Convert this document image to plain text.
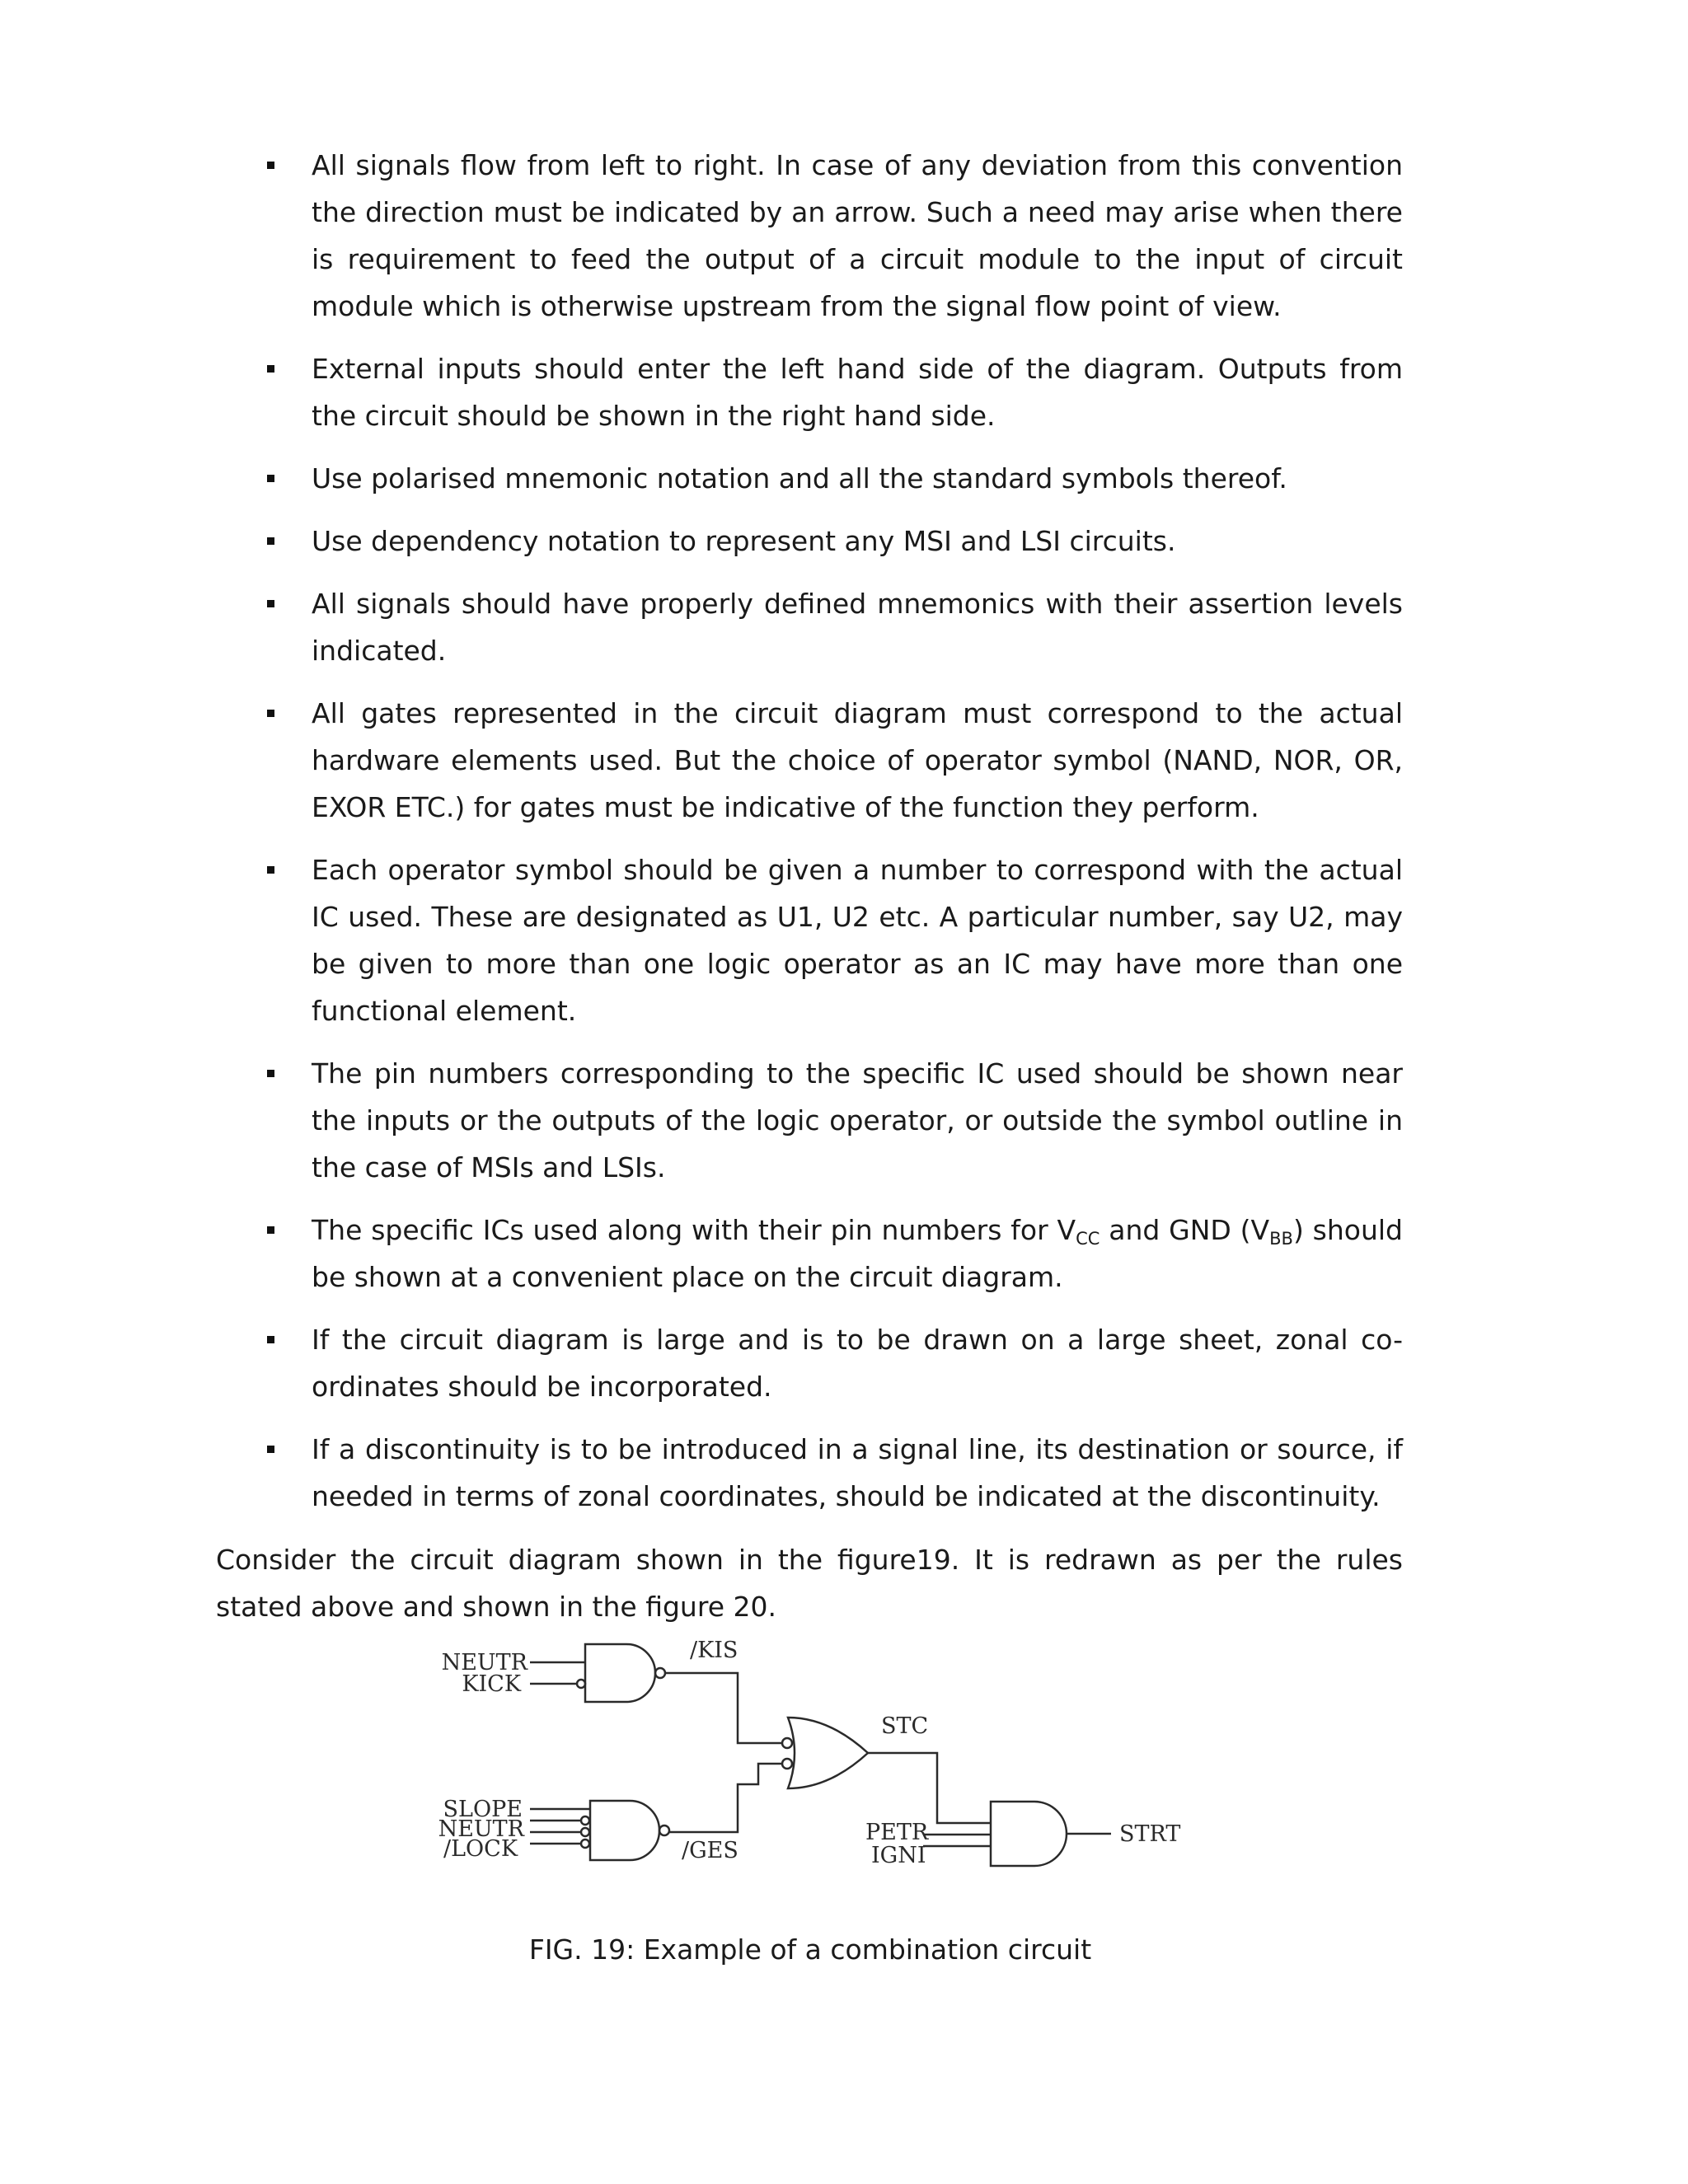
All signals flow from left to right. In case of any deviation from this convention the direction must be indicated by an arrow. Such a need may arise when there is requirement to feed the output of a circuit module to the input of circuit module which is otherwise upstream from the signal flow point of view.
External inputs should enter the left hand side of the diagram. Outputs from the circuit should be shown in the right hand side.
Use polarised mnemonic notation and all the standard symbols thereof.
Use dependency notation to represent any MSI and LSI circuits.
All signals should have properly defined mnemonics with their assertion levels indicated.
All gates represented in the circuit diagram must correspond to the actual hardware elements used. But the choice of operator symbol (NAND, NOR, OR, EXOR ETC.) for gates must be indicative of the function they perform.
Each operator symbol should be given a number to correspond with the actual IC used. These are designated as U1, U2 etc. A particular number, say U2, may be given to more than one logic operator as an IC may have more than one functional element.
The pin numbers corresponding to the specific IC used should be shown near the inputs or the outputs of the logic operator, or outside the symbol outline in the case of MSIs and LSIs.
The specific ICs used along with their pin numbers for $V_{CC}$ and GND $(V_{BB})$ should be shown at a convenient place on the circuit diagram.
If the circuit diagram is large and is to be drawn on a large sheet, zonal co-ordinates should be incorporated.
If a discontinuity is to be introduced in a signal line, its destination or source, if needed in terms of zonal coordinates, should be indicated at the discontinuity.

Consider the circuit diagram shown in the figure19. It is redrawn as per the rules stated above and shown in the figure 20.

NEUTR
KICK
/KIS
STC
SLOPE
NEUTR
/LOCK	/GES
PETR
IGNI
STRT

FIG. 19: Example of a combination circuit
